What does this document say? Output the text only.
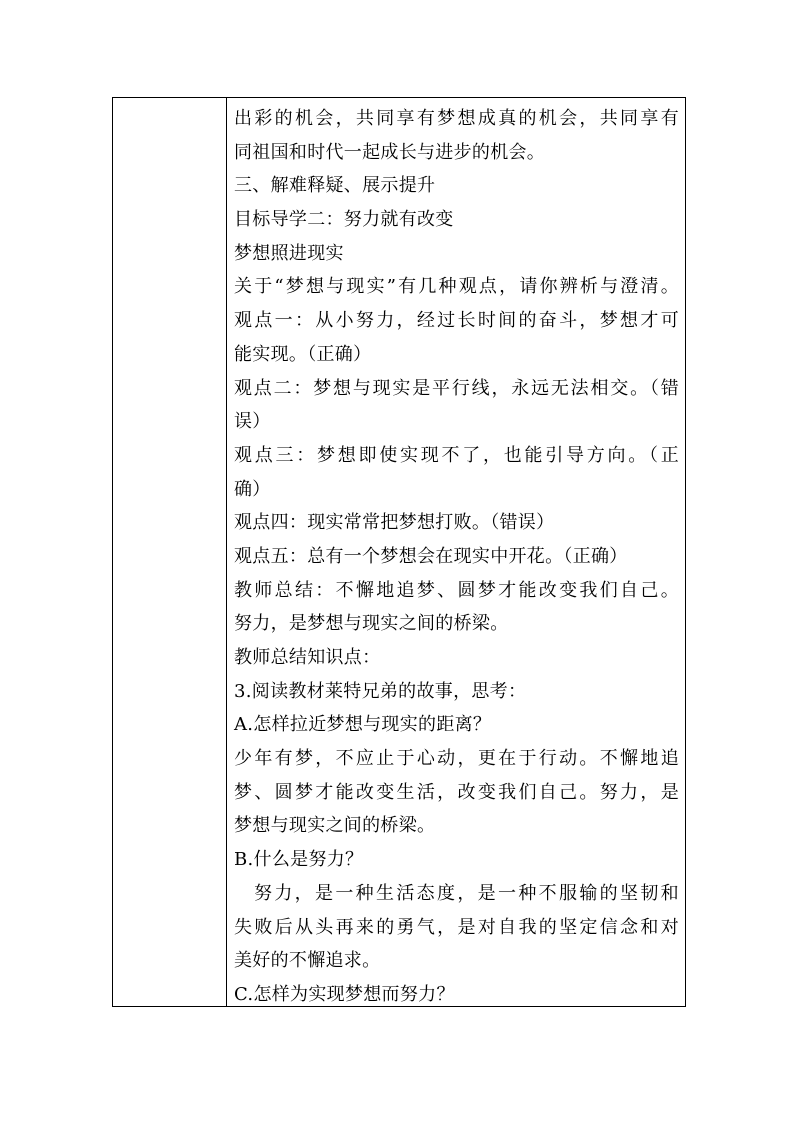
出彩的机会，共同享有梦想成真的机会，共同享有
同祖国和时代一起成长与进步的机会。
三、解难释疑、展示提升
目标导学二：努力就有改变
梦想照进现实
关于“梦想与现实”有几种观点，请你辨析与澄清。
观点一：从小努力，经过长时间的奋斗，梦想才可
能实现。（正确）
观点二：梦想与现实是平行线，永远无法相交。（错
误）
观点三：梦想即使实现不了，也能引导方向。（正
确）
观点四：现实常常把梦想打败。（错误）
观点五：总有一个梦想会在现实中开花。（正确）
教师总结：不懈地追梦、圆梦才能改变我们自己。
努力，是梦想与现实之间的桥梁。
教师总结知识点：
3.阅读教材莱特兄弟的故事，思考：
A.怎样拉近梦想与现实的距离？
少年有梦，不应止于心动，更在于行动。不懈地追
梦、圆梦才能改变生活，改变我们自己。努力，是
梦想与现实之间的桥梁。
B.什么是努力？
努力，是一种生活态度，是一种不服输的坚韧和
失败后从头再来的勇气，是对自我的坚定信念和对
美好的不懈追求。
C.怎样为实现梦想而努力？
